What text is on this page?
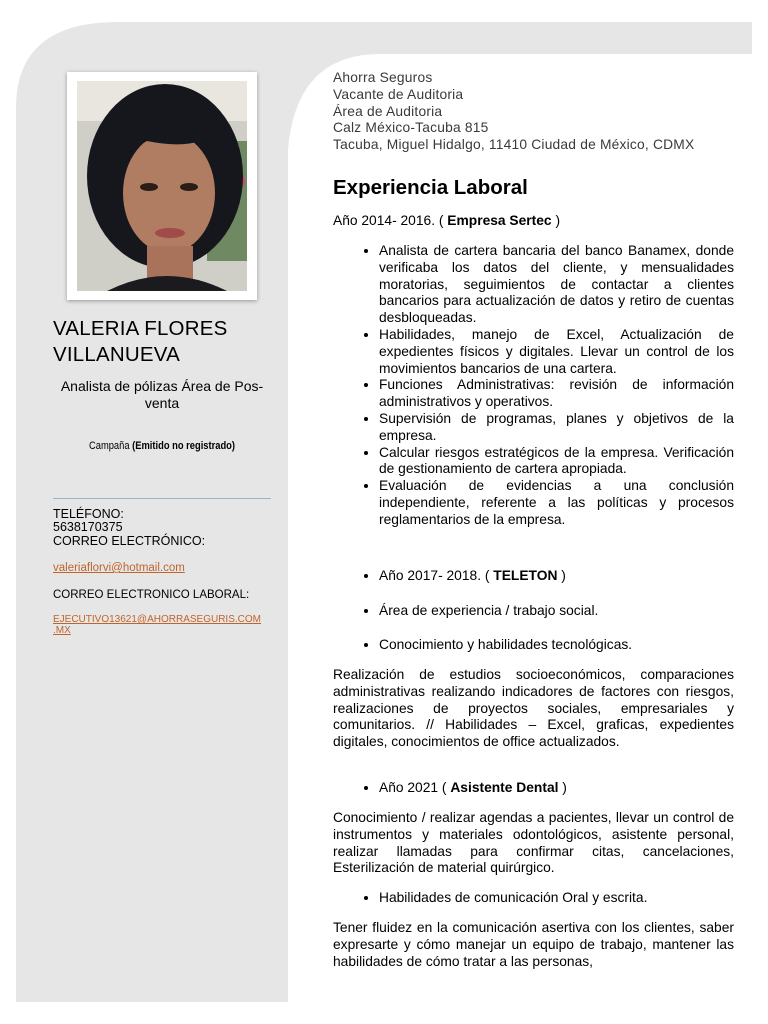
VALERIA FLORES
VILLANUEVA
Analista de pólizas Área de Pos-venta
Campaña (Emitido no registrado)
TELÉFONO:
5638170375
CORREO ELECTRÓNICO:
valeriaflorvi@hotmail.com
CORREO ELECTRONICO LABORAL:
EJECUTIVO13621@AHORRASEGURIS.COM
.MX
Ahorra Seguros
Vacante de Auditoria
Área de Auditoria
Calz México-Tacuba 815
Tacuba, Miguel Hidalgo, 11410 Ciudad de México, CDMX
Experiencia Laboral
Año 2014- 2016. ( Empresa Sertec )
• Analista de cartera bancaria del banco Banamex, donde verificaba los datos del cliente, y mensualidades moratorias, seguimientos de contactar a clientes bancarios para actualización de datos y retiro de cuentas desbloqueadas.
• Habilidades, manejo de Excel, Actualización de expedientes físicos y digitales. Llevar un control de los movimientos bancarios de una cartera.
• Funciones Administrativas: revisión de información administrativos y operativos.
• Supervisión de programas, planes y objetivos de la empresa.
• Calcular riesgos estratégicos de la empresa. Verificación de gestionamiento de cartera apropiada.
• Evaluación de evidencias a una conclusión independiente, referente a las políticas y procesos reglamentarios de la empresa.
• Año 2017- 2018. ( TELETON )
• Área de experiencia / trabajo social.
• Conocimiento y habilidades tecnológicas.
Realización de estudios socioeconómicos, comparaciones administrativas realizando indicadores de factores con riesgos, realizaciones de proyectos sociales, empresariales y comunitarios. // Habilidades – Excel, graficas, expedientes digitales, conocimientos de office actualizados.
• Año 2021 ( Asistente Dental )
Conocimiento / realizar agendas a pacientes, llevar un control de instrumentos y materiales odontológicos, asistente personal, realizar llamadas para confirmar citas, cancelaciones, Esterilización de material quirúrgico.
• Habilidades de comunicación Oral y escrita.
Tener fluidez en la comunicación asertiva con los clientes, saber expresarte y cómo manejar un equipo de trabajo, mantener las habilidades de cómo tratar a las personas,
